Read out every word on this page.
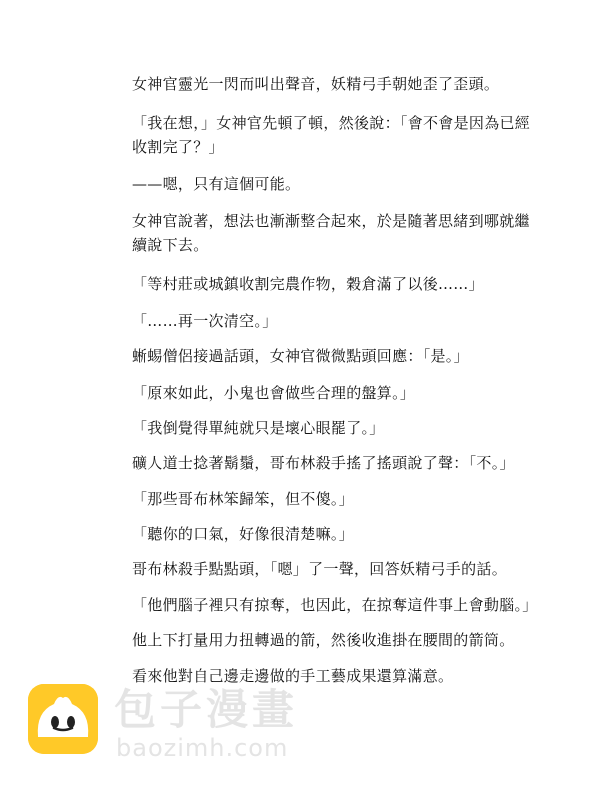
女神官靈光一閃而叫出聲音，妖精弓手朝她歪了歪頭。

「我在想，」女神官先頓了頓，然後說：「會不會是因為已經收割完了？」

——嗯，只有這個可能。

女神官說著，想法也漸漸整合起來，於是隨著思緒到哪就繼續說下去。

「等村莊或城鎮收割完農作物，穀倉滿了以後……」

「……再一次清空。」

蜥蜴僧侶接過話頭，女神官微微點頭回應：「是。」

「原來如此，小鬼也會做些合理的盤算。」

「我倒覺得單純就只是壞心眼罷了。」

礦人道士捻著鬍鬚，哥布林殺手搖了搖頭說了聲：「不。」

「那些哥布林笨歸笨，但不傻。」

「聽你的口氣，好像很清楚嘛。」

哥布林殺手點點頭，「嗯」了一聲，回答妖精弓手的話。

「他們腦子裡只有掠奪，也因此，在掠奪這件事上會動腦。」

他上下打量用力扭轉過的箭，然後收進掛在腰間的箭筒。

看來他對自己邊走邊做的手工藝成果還算滿意。

包子漫畫
baozimh.com
